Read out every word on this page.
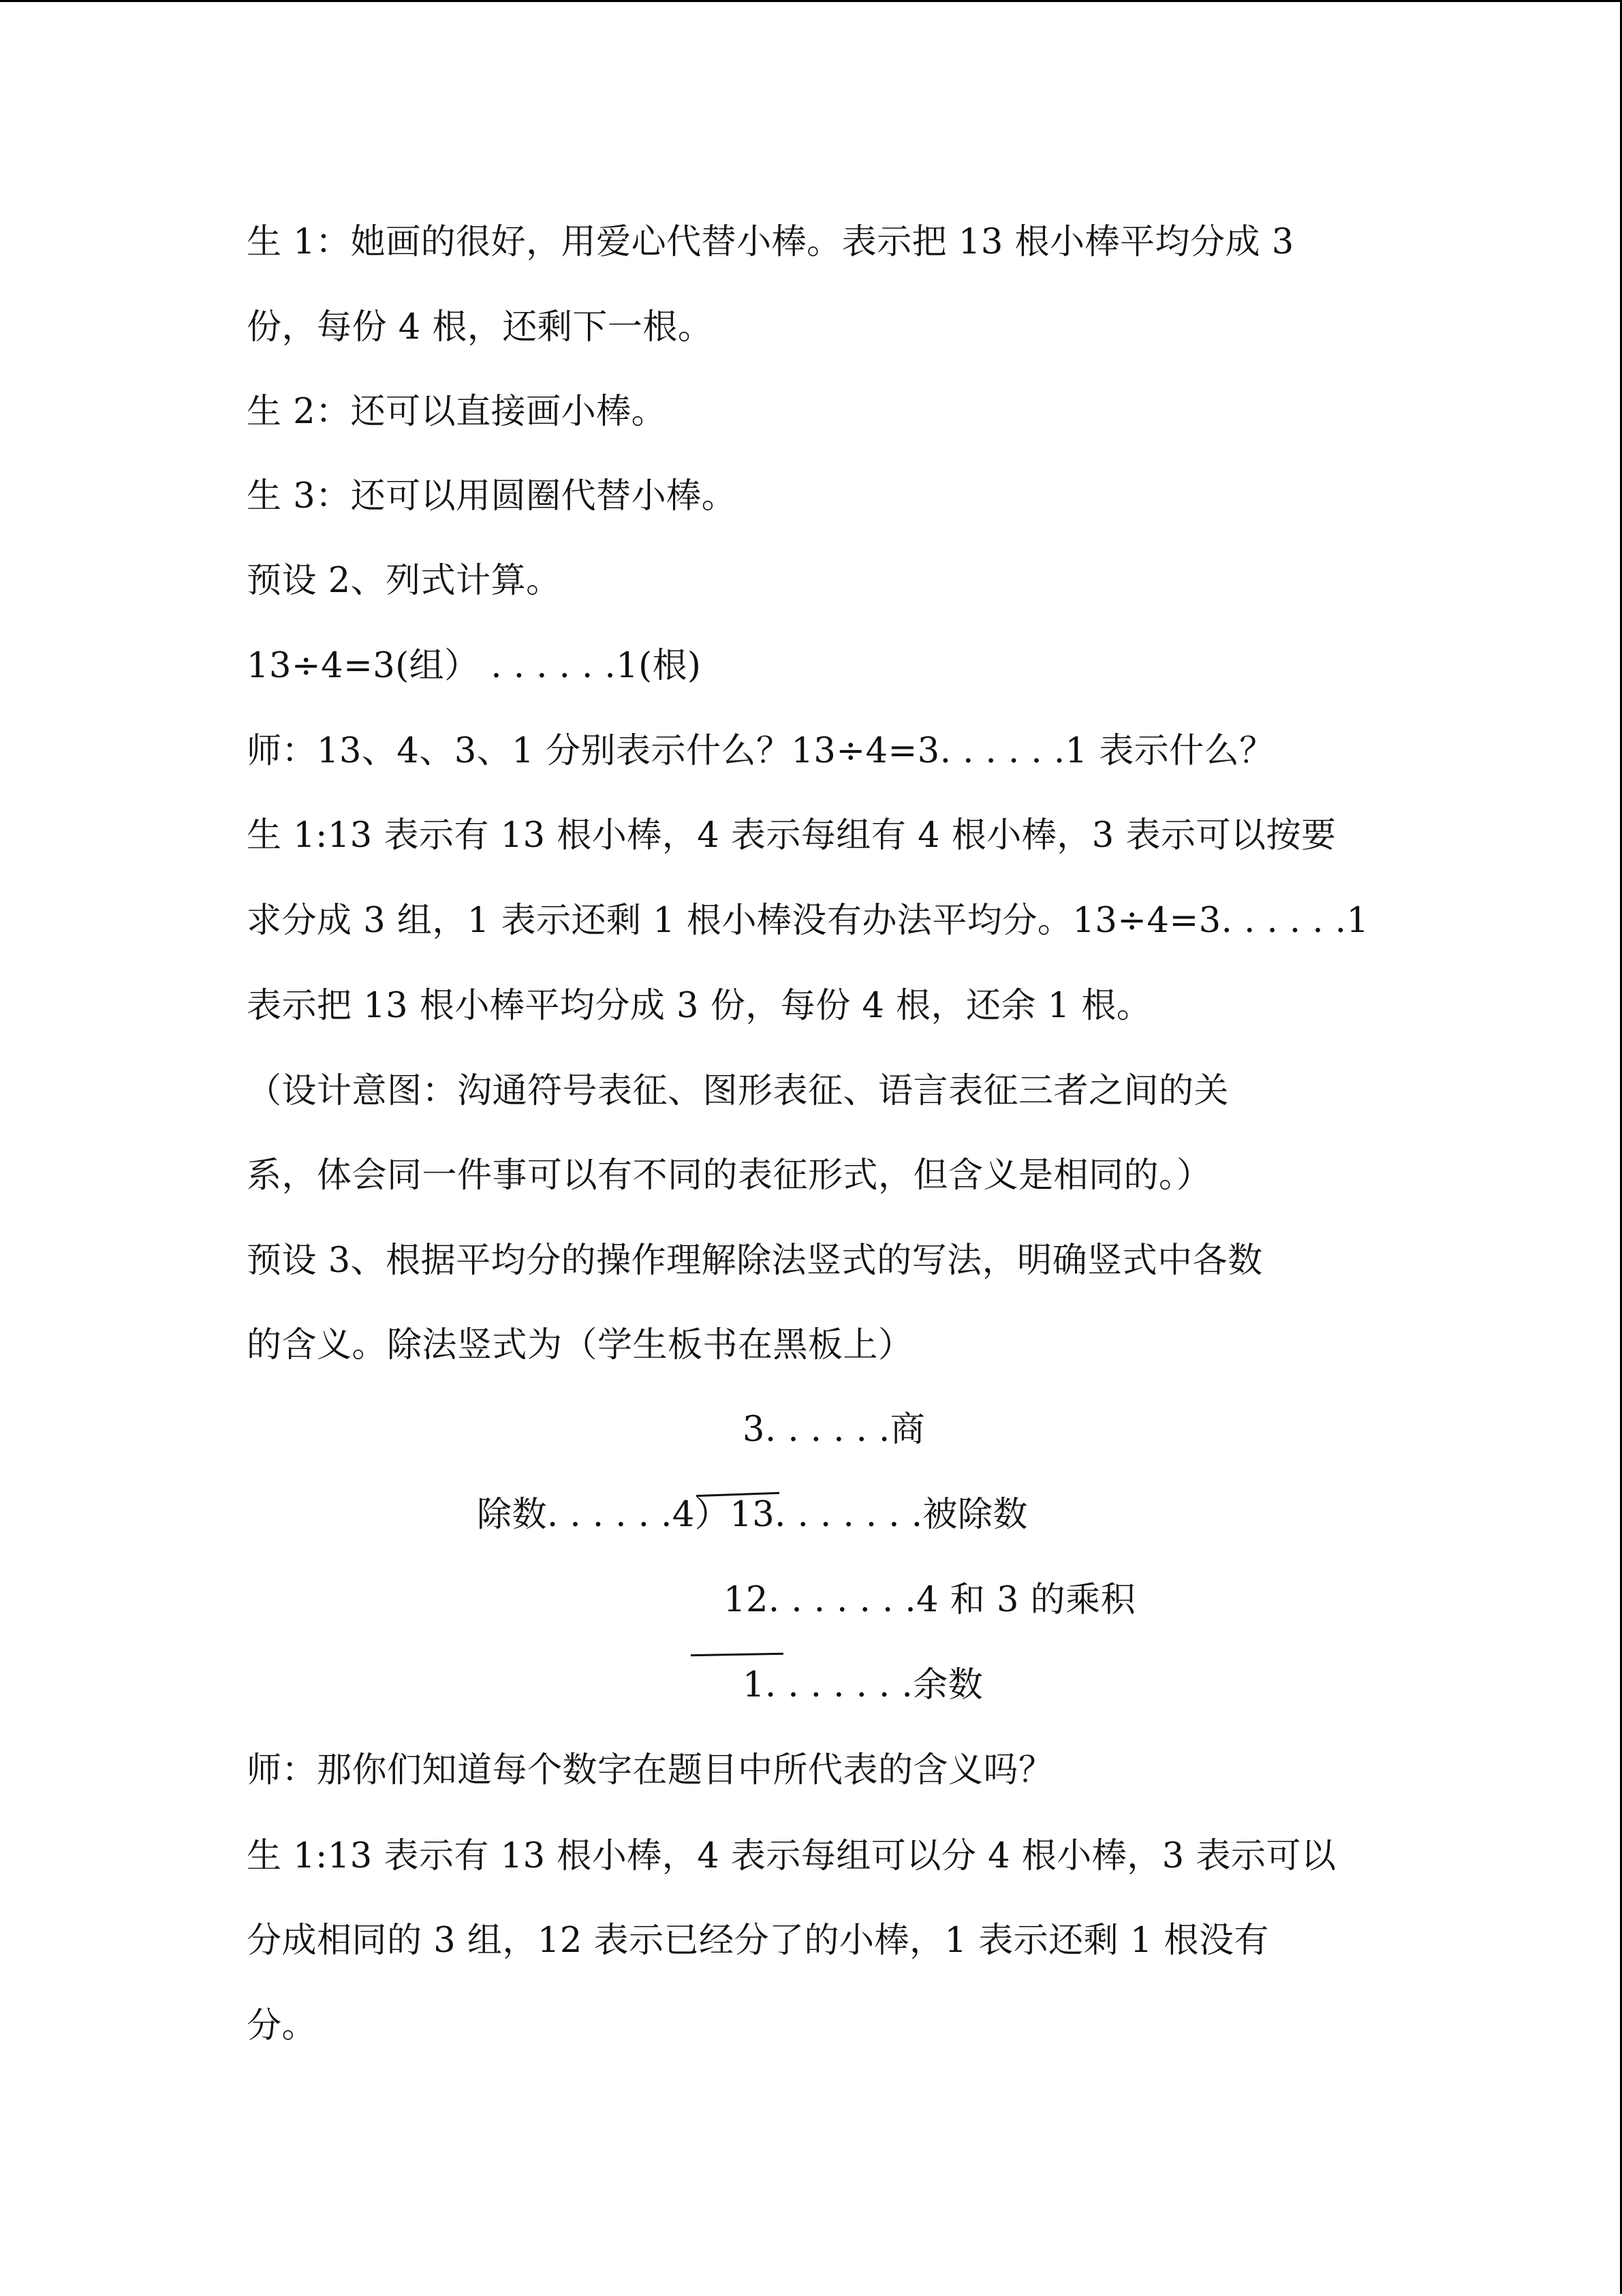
生 1：她画的很好，用爱心代替小棒。表示把 13 根小棒平均分成 3
份，每份 4 根，还剩下一根。
生 2：还可以直接画小棒。
生 3：还可以用圆圈代替小棒。
预设 2、列式计算。
13÷4=3(组） . . . . . .1(根)
师：13、4、3、1 分别表示什么？13÷4=3. . . . . .1 表示什么？
生 1:13 表示有 13 根小棒，4 表示每组有 4 根小棒，3 表示可以按要
求分成 3 组，1 表示还剩 1 根小棒没有办法平均分。13÷4=3. . . . . .1
表示把 13 根小棒平均分成 3 份，每份 4 根，还余 1 根。
（设计意图：沟通符号表征、图形表征、语言表征三者之间的关
系，体会同一件事可以有不同的表征形式，但含义是相同的。）
预设 3、根据平均分的操作理解除法竖式的写法，明确竖式中各数
的含义。除法竖式为（学生板书在黑板上）
3. . . . . .商
除数. . . . . .4）13. . . . . . .被除数
12. . . . . . .4 和 3 的乘积
1. . . . . . .余数
师：那你们知道每个数字在题目中所代表的含义吗？
生 1:13 表示有 13 根小棒，4 表示每组可以分 4 根小棒，3 表示可以
分成相同的 3 组，12 表示已经分了的小棒，1 表示还剩 1 根没有
分。
